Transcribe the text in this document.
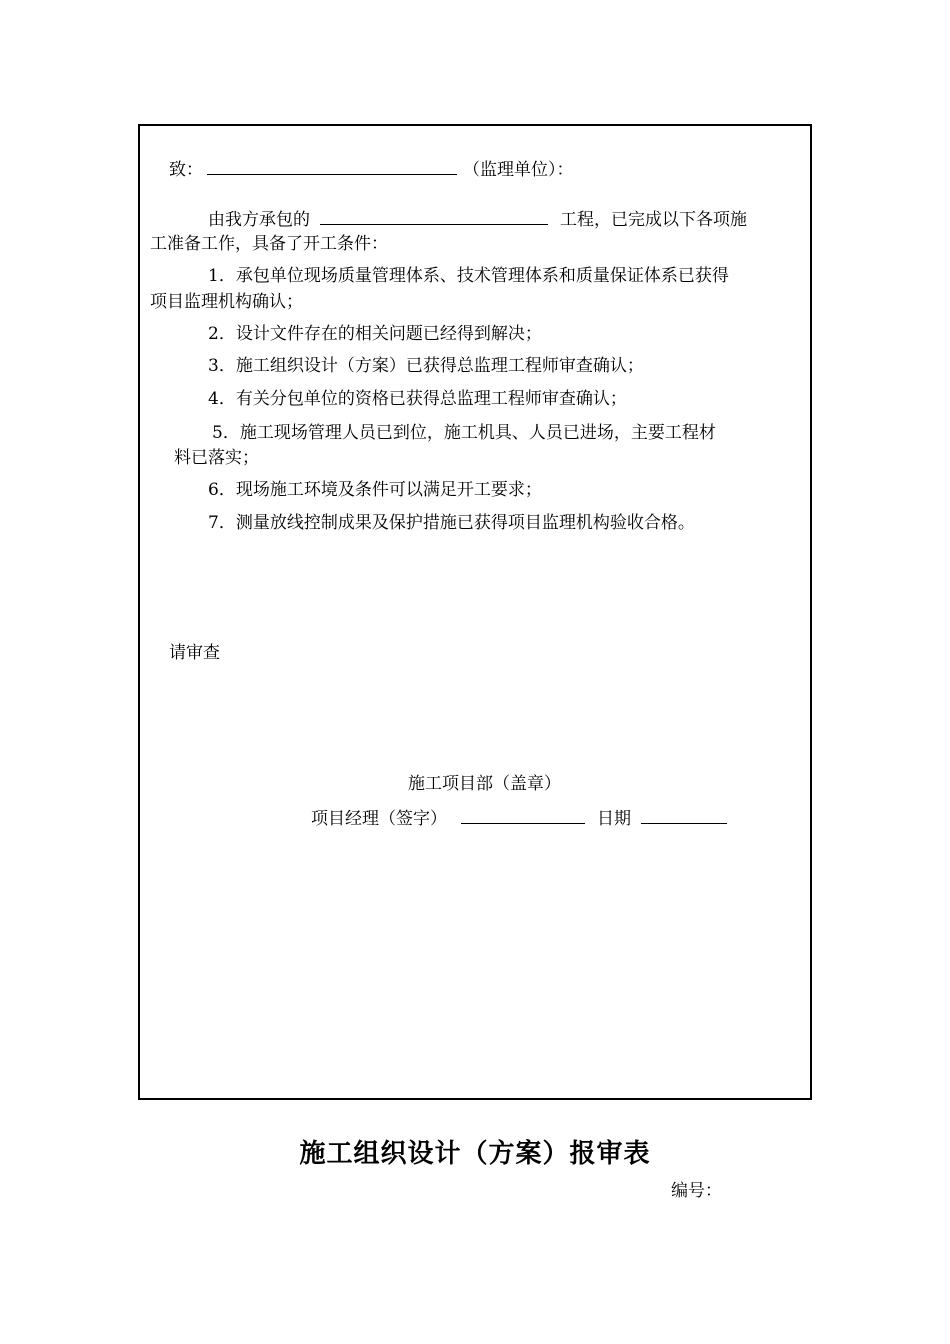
致：	（监理单位）：
由我方承包的	工程，已完成以下各项施
工准备工作，具备了开工条件：
1．承包单位现场质量管理体系、技术管理体系和质量保证体系已获得
项目监理机构确认；
2．设计文件存在的相关问题已经得到解决；
3．施工组织设计（方案）已获得总监理工程师审查确认；
4．有关分包单位的资格已获得总监理工程师审查确认；
5．施工现场管理人员已到位，施工机具、人员已进场，主要工程材
料已落实；
6．现场施工环境及条件可以满足开工要求；
7．测量放线控制成果及保护措施已获得项目监理机构验收合格。
请审查
施工项目部（盖章）
项目经理（签字）	日期
施工组织设计（方案）报审表
编号：
